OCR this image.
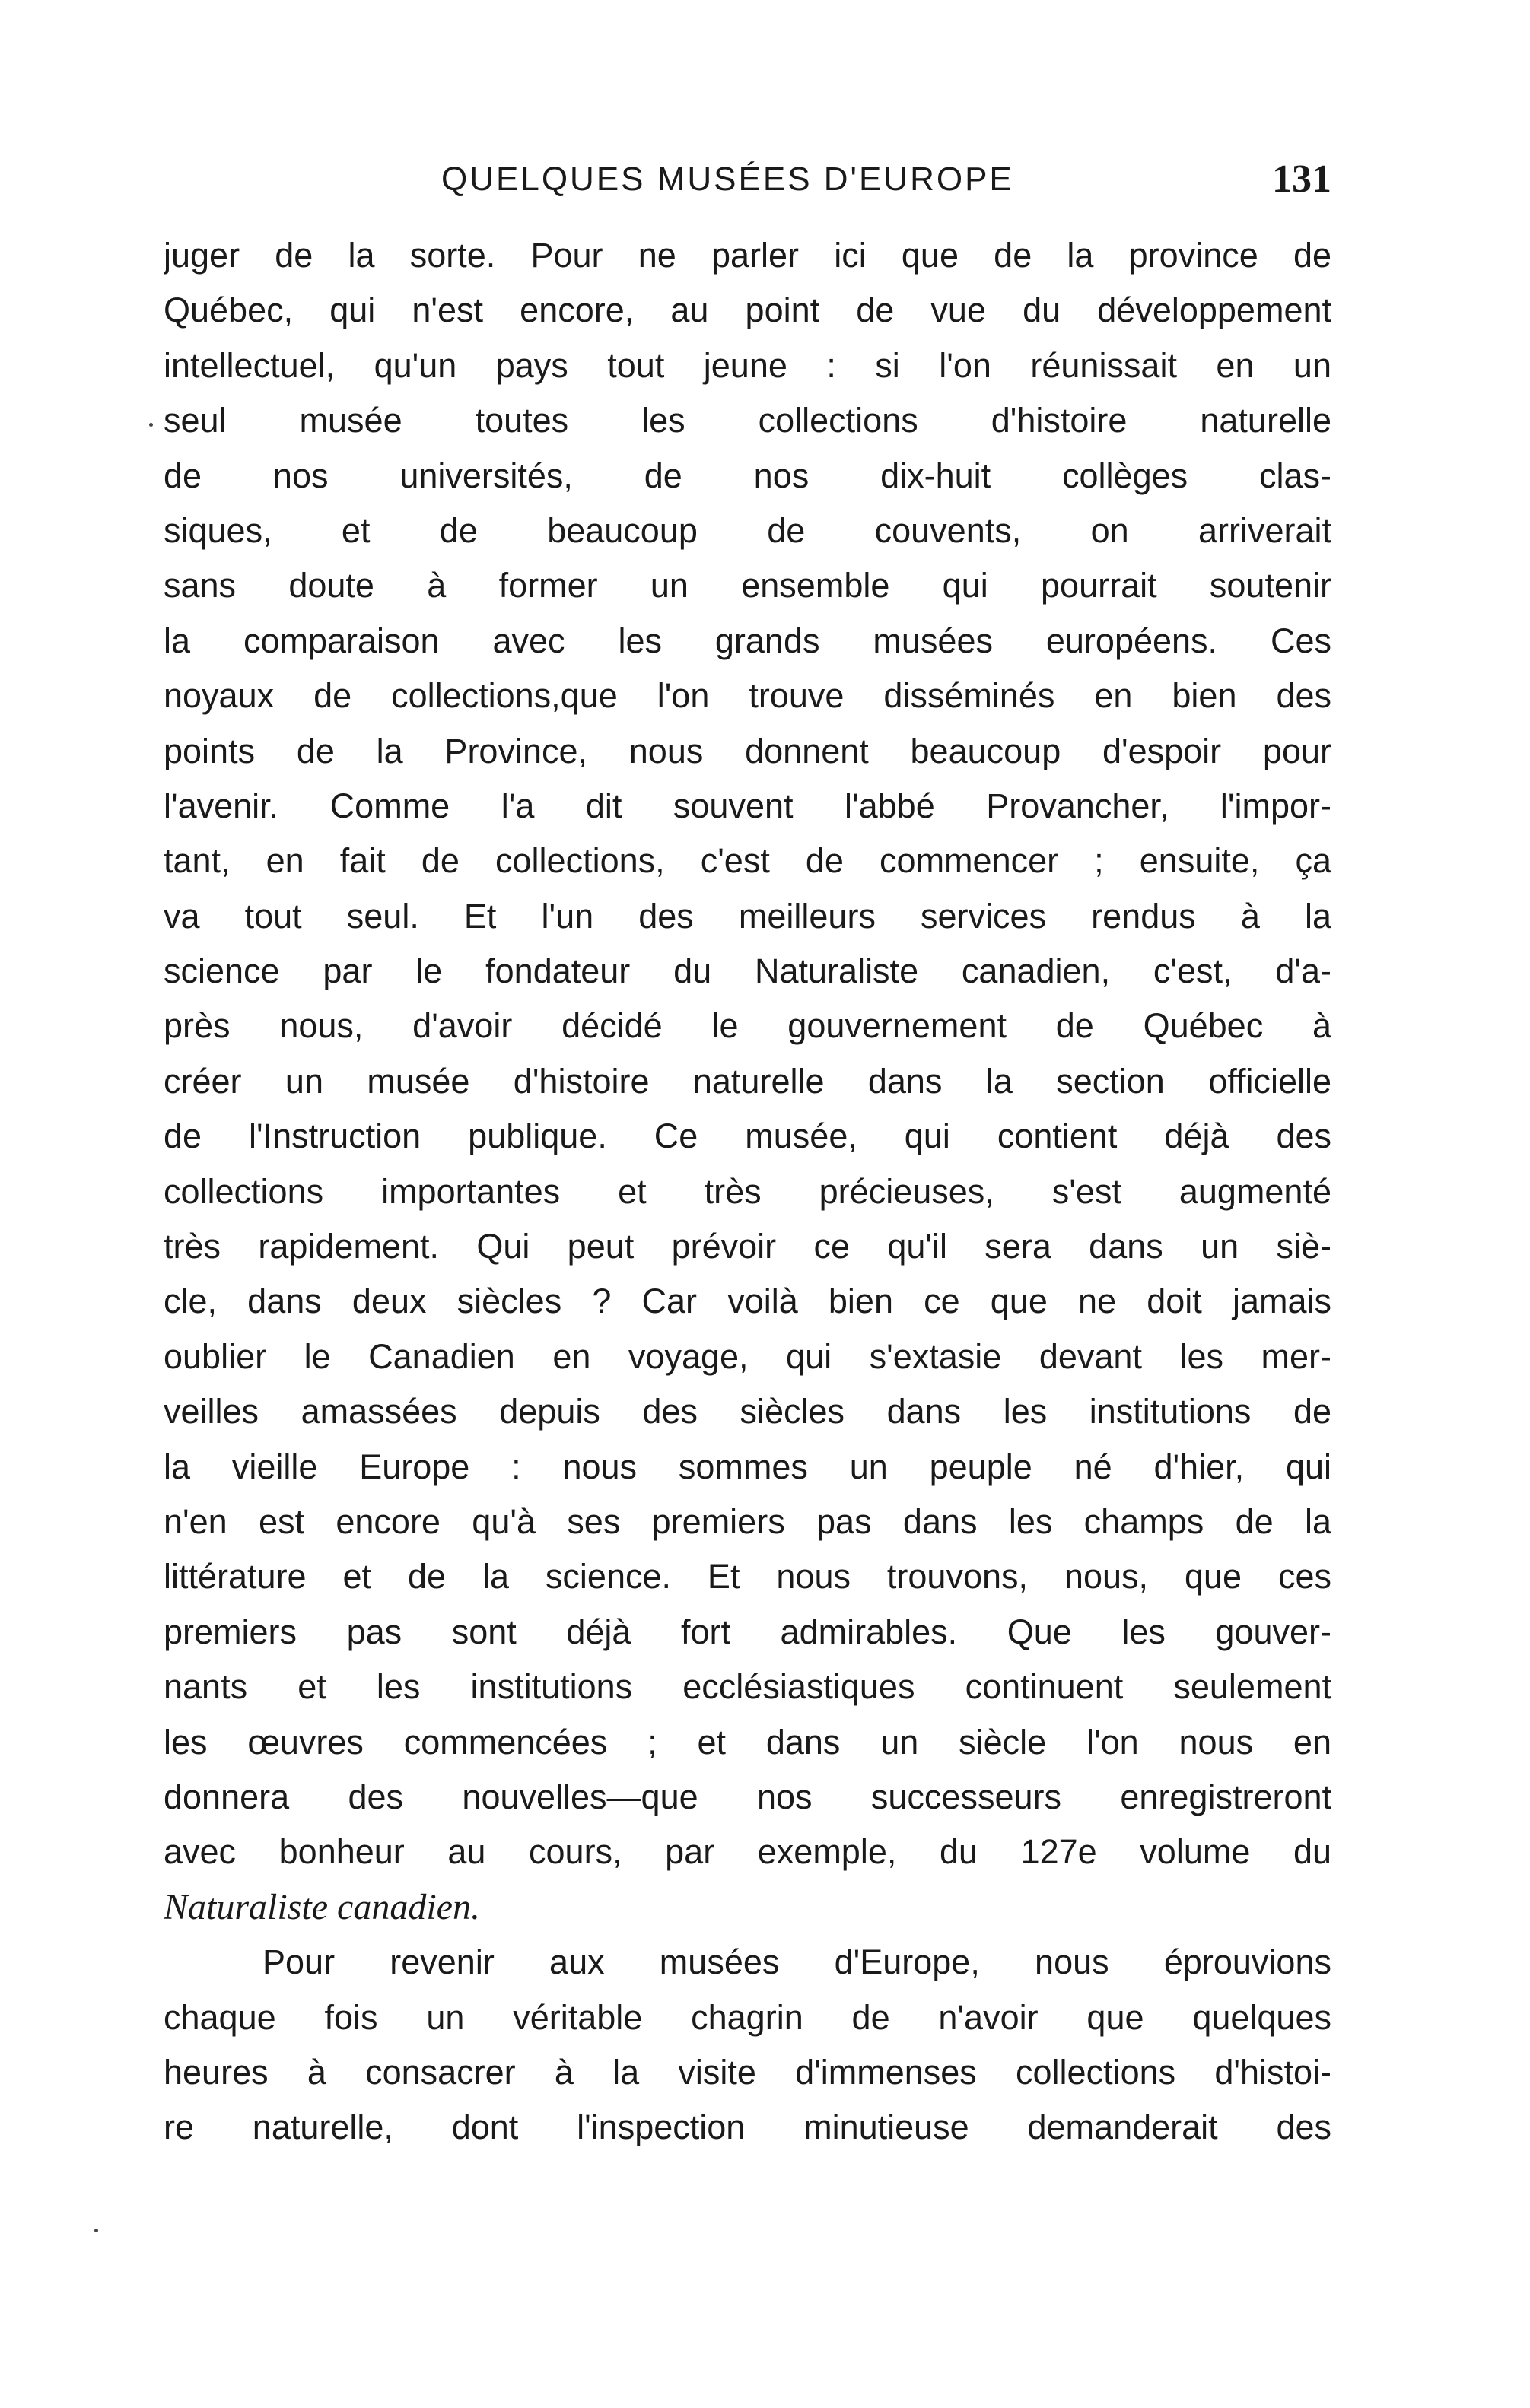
QUELQUES MUSÉES D'EUROPE	131
juger de la sorte. Pour ne parler ici que de la province de
Québec, qui n'est encore, au point de vue du développement
intellectuel, qu'un pays tout jeune : si l'on réunissait en un
seul musée toutes les collections d'histoire naturelle
de nos universités, de nos dix-huit collèges clas-
siques, et de beaucoup de couvents, on arriverait
sans doute à former un ensemble qui pourrait soutenir
la comparaison avec les grands musées européens. Ces
noyaux de collections,que l'on trouve disséminés en bien des
points de la Province, nous donnent beaucoup d'espoir pour
l'avenir. Comme l'a dit souvent l'abbé Provancher, l'impor-
tant, en fait de collections, c'est de commencer ; ensuite, ça
va tout seul. Et l'un des meilleurs services rendus à la
science par le fondateur du Naturaliste canadien, c'est, d'a-
près nous, d'avoir décidé le gouvernement de Québec à
créer un musée d'histoire naturelle dans la section officielle
de l'Instruction publique. Ce musée, qui contient déjà des
collections importantes et très précieuses, s'est augmenté
très rapidement. Qui peut prévoir ce qu'il sera dans un siè-
cle, dans deux siècles ? Car voilà bien ce que ne doit jamais
oublier le Canadien en voyage, qui s'extasie devant les mer-
veilles amassées depuis des siècles dans les institutions de
la vieille Europe : nous sommes un peuple né d'hier, qui
n'en est encore qu'à ses premiers pas dans les champs de la
littérature et de la science. Et nous trouvons, nous, que ces
premiers pas sont déjà fort admirables. Que les gouver-
nants et les institutions ecclésiastiques continuent seulement
les œuvres commencées ; et dans un siècle l'on nous en
donnera des nouvelles—que nos successeurs enregistreront
avec bonheur au cours, par exemple, du 127e volume du
Naturaliste canadien.
Pour revenir aux musées d'Europe, nous éprouvions
chaque fois un véritable chagrin de n'avoir que quelques
heures à consacrer à la visite d'immenses collections d'histoi-
re naturelle, dont l'inspection minutieuse demanderait des
